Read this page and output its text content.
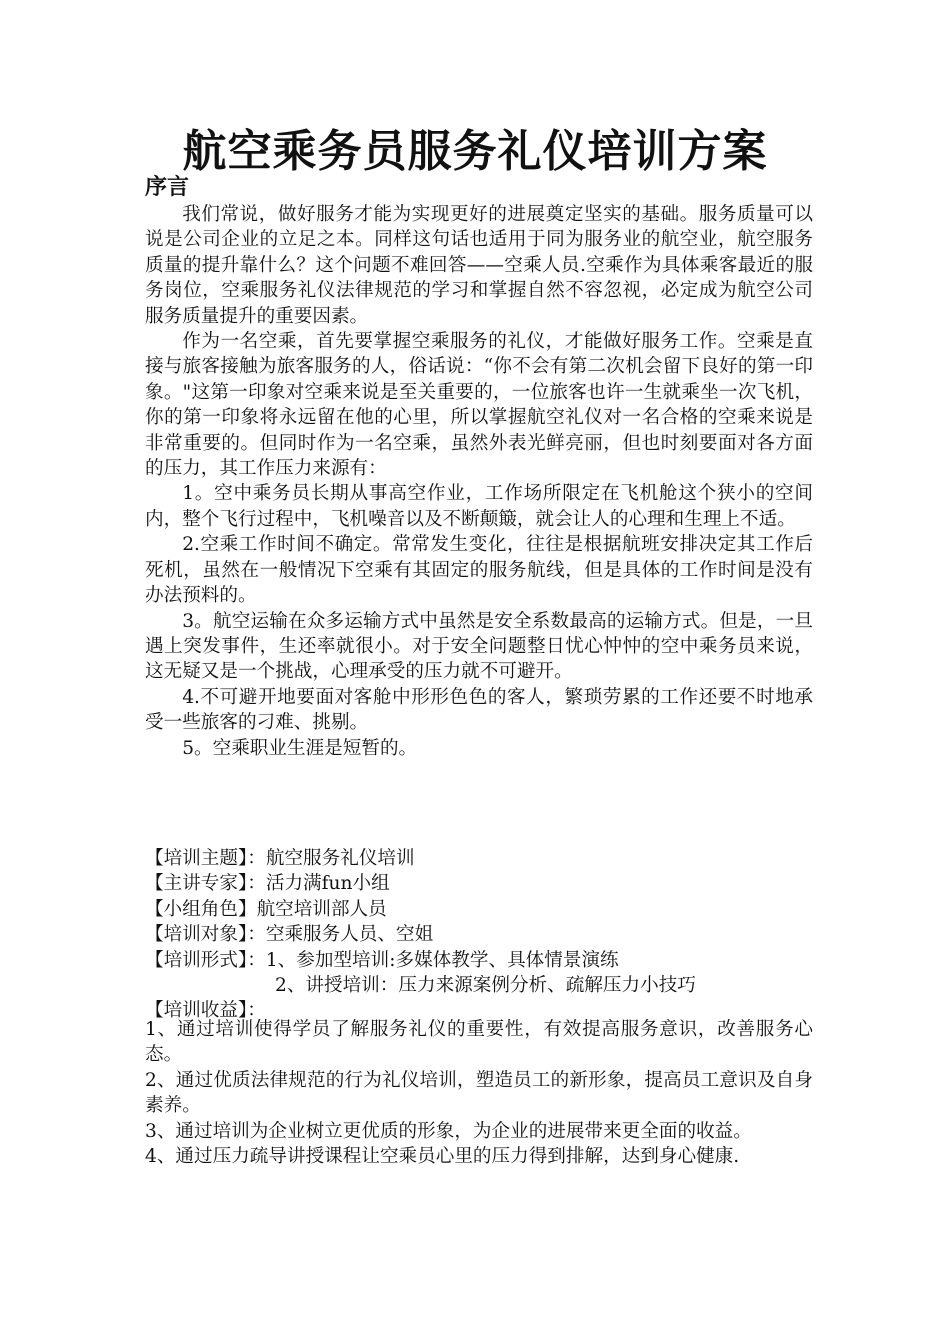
航空乘务员服务礼仪培训方案
序言

我们常说，做好服务才能为实现更好的进展奠定坚实的基础。服务质量可以说是公司企业的立足之本。同样这句话也适用于同为服务业的航空业，航空服务质量的提升靠什么？这个问题不难回答——空乘人员.空乘作为具体乘客最近的服务岗位，空乘服务礼仪法律规范的学习和掌握自然不容忽视，必定成为航空公司服务质量提升的重要因素。

作为一名空乘，首先要掌握空乘服务的礼仪，才能做好服务工作。空乘是直接与旅客接触为旅客服务的人，俗话说：“你不会有第二次机会留下良好的第一印象。"这第一印象对空乘来说是至关重要的，一位旅客也许一生就乘坐一次飞机，你的第一印象将永远留在他的心里，所以掌握航空礼仪对一名合格的空乘来说是非常重要的。但同时作为一名空乘，虽然外表光鲜亮丽，但也时刻要面对各方面的压力，其工作压力来源有：

1。空中乘务员长期从事高空作业，工作场所限定在飞机舱这个狭小的空间内，整个飞行过程中，飞机噪音以及不断颠簸，就会让人的心理和生理上不适。

2.空乘工作时间不确定。常常发生变化，往往是根据航班安排决定其工作后死机，虽然在一般情况下空乘有其固定的服务航线，但是具体的工作时间是没有办法预料的。

3。航空运输在众多运输方式中虽然是安全系数最高的运输方式。但是，一旦遇上突发事件，生还率就很小。对于安全问题整日忧心忡忡的空中乘务员来说，这无疑又是一个挑战，心理承受的压力就不可避开。

4.不可避开地要面对客舱中形形色色的客人，繁琐劳累的工作还要不时地承受一些旅客的刁难、挑剔。

5。空乘职业生涯是短暂的。

【培训主题】：航空服务礼仪培训
【主讲专家】：活力满fun小组
【小组角色】航空培训部人员
【培训对象】：空乘服务人员、空姐
【培训形式】：1、参加型培训:多媒体教学、具体情景演练
2、讲授培训：压力来源案例分析、疏解压力小技巧
【培训收益】：

1、通过培训使得学员了解服务礼仪的重要性，有效提高服务意识，改善服务心态。

2、通过优质法律规范的行为礼仪培训，塑造员工的新形象，提高员工意识及自身素养。

3、通过培训为企业树立更优质的形象，为企业的进展带来更全面的收益。

4、通过压力疏导讲授课程让空乘员心里的压力得到排解，达到身心健康.
